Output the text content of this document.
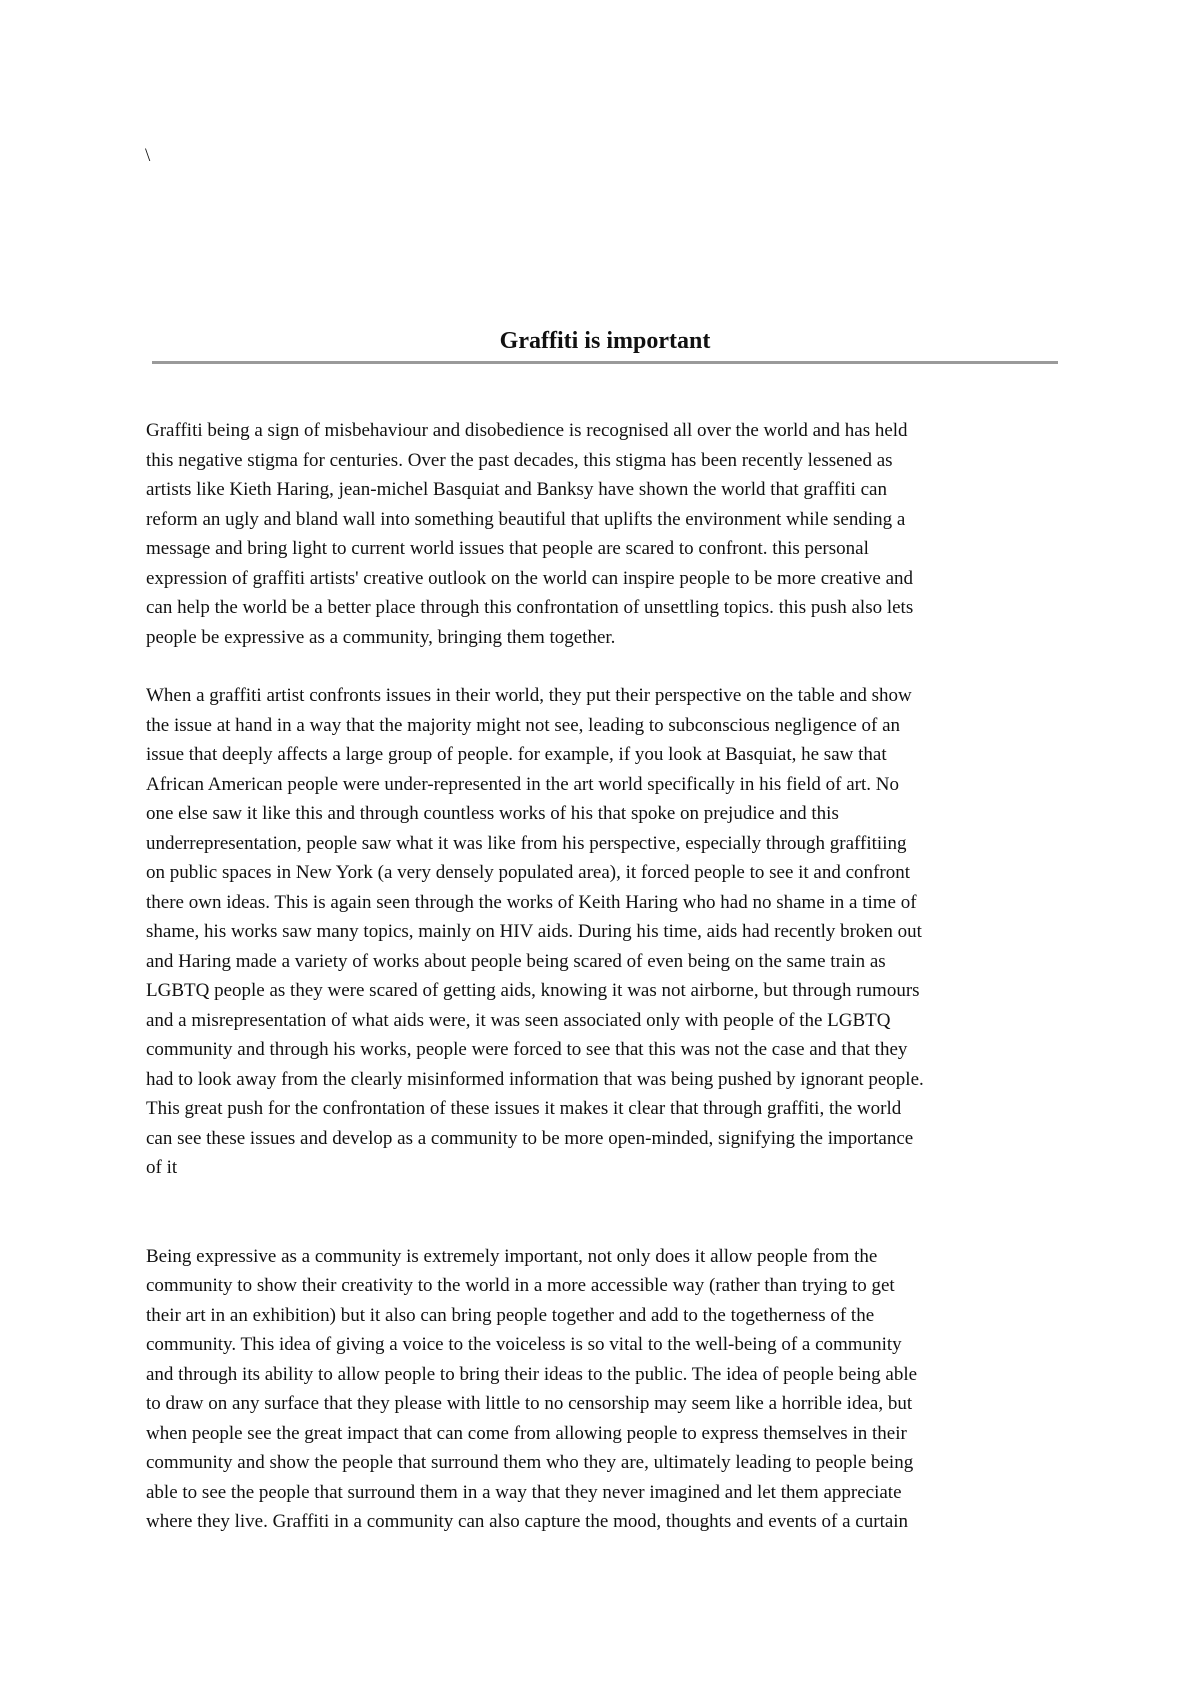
\
Graffiti is important

Graffiti being a sign of misbehaviour and disobedience is recognised all over the world and has held
this negative stigma for centuries. Over the past decades, this stigma has been recently lessened as
artists like Kieth Haring, jean-michel Basquiat and Banksy have shown the world that graffiti can
reform an ugly and bland wall into something beautiful that uplifts the environment while sending a
message and bring light to current world issues that people are scared to confront. this personal
expression of graffiti artists' creative outlook on the world can inspire people to be more creative and
can help the world be a better place through this confrontation of unsettling topics. this push also lets
people be expressive as a community, bringing them together.

When a graffiti artist confronts issues in their world, they put their perspective on the table and show
the issue at hand in a way that the majority might not see, leading to subconscious negligence of an
issue that deeply affects a large group of people. for example, if you look at Basquiat, he saw that
African American people were under-represented in the art world specifically in his field of art. No
one else saw it like this and through countless works of his that spoke on prejudice and this
underrepresentation, people saw what it was like from his perspective, especially through graffitiing
on public spaces in New York (a very densely populated area), it forced people to see it and confront
there own ideas. This is again seen through the works of Keith Haring who had no shame in a time of
shame, his works saw many topics, mainly on HIV aids. During his time, aids had recently broken out
and Haring made a variety of works about people being scared of even being on the same train as
LGBTQ people as they were scared of getting aids, knowing it was not airborne, but through rumours
and a misrepresentation of what aids were, it was seen associated only with people of the LGBTQ
community and through his works, people were forced to see that this was not the case and that they
had to look away from the clearly misinformed information that was being pushed by ignorant people.
This great push for the confrontation of these issues it makes it clear that through graffiti, the world
can see these issues and develop as a community to be more open-minded, signifying the importance
of it

Being expressive as a community is extremely important, not only does it allow people from the
community to show their creativity to the world in a more accessible way (rather than trying to get
their art in an exhibition) but it also can bring people together and add to the togetherness of the
community. This idea of giving a voice to the voiceless is so vital to the well-being of a community
and through its ability to allow people to bring their ideas to the public. The idea of people being able
to draw on any surface that they please with little to no censorship may seem like a horrible idea, but
when people see the great impact that can come from allowing people to express themselves in their
community and show the people that surround them who they are, ultimately leading to people being
able to see the people that surround them in a way that they never imagined and let them appreciate
where they live. Graffiti in a community can also capture the mood, thoughts and events of a curtain
